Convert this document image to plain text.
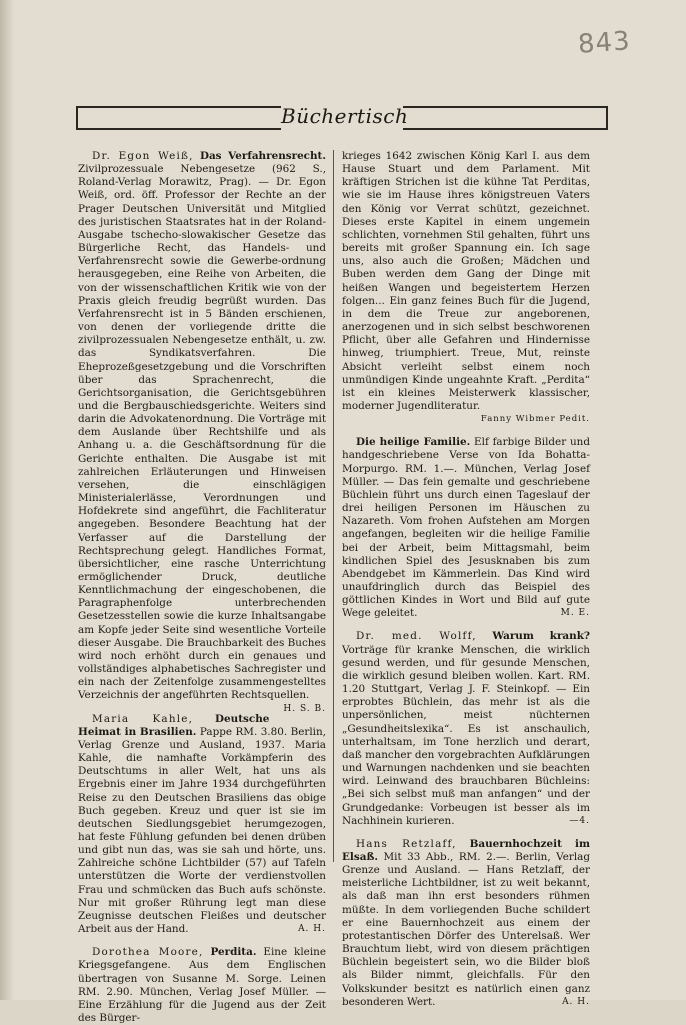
843
Büchertisch

Dr. Egon Weiß, Das Verfahrensrecht. Zivilprozessuale Nebengesetze (962 S., Roland-Verlag Morawitz, Prag). — Dr. Egon Weiß, ord. öff. Professor der Rechte an der Prager Deutschen Universität und Mitglied des juristischen Staatsrates hat in der Roland-Ausgabe tschecho-slowakischer Gesetze das Bürgerliche Recht, das Handels- und Verfahrensrecht sowie die Gewerbe-ordnung herausgegeben, eine Reihe von Arbeiten, die von der wissenschaftlichen Kritik wie von der Praxis gleich freudig begrüßt wurden. Das Verfahrensrecht ist in 5 Bänden erschienen, von denen der vorliegende dritte die zivilprozessualen Nebengesetze enthält, u. zw. das Syndikatsverfahren. Die Eheprozeßgesetzgebung und die Vorschriften über das Sprachenrecht, die Gerichtsorganisation, die Gerichtsgebühren und die Bergbauschiedsgerichte. Weiters sind darin die Advokatenordnung. Die Vorträge mit dem Auslande über Rechtshilfe und als Anhang u. a. die Geschäftsordnung für die Gerichte enthalten. Die Ausgabe ist mit zahlreichen Erläuterungen und Hinweisen versehen, die einschlägigen Ministerialerlässe, Verordnungen und Hofdekrete sind angeführt, die Fachliteratur angegeben. Besondere Beachtung hat der Verfasser auf die Darstellung der Rechtsprechung gelegt. Handliches Format, übersichtlicher, eine rasche Unterrichtung ermöglichender Druck, deutliche Kenntlichmachung der eingeschobenen, die Paragraphenfolge unterbrechenden Gesetzesstellen sowie die kurze Inhaltsangabe am Kopfe jeder Seite sind wesentliche Vorteile dieser Ausgabe. Die Brauchbarkeit des Buches wird noch erhöht durch ein genaues und vollständiges alphabetisches Sachregister und ein nach der Zeitenfolge zusammengestelltes Verzeichnis der angeführten Rechtsquellen.
H. S. B.

Maria Kahle, Deutsche Heimat in Brasilien. Pappe RM. 3.80. Berlin, Verlag Grenze und Ausland, 1937. Maria Kahle, die namhafte Vorkämpferin des Deutschtums in aller Welt, hat uns als Ergebnis einer im Jahre 1934 durchgeführten Reise zu den Deutschen Brasiliens das obige Buch gegeben. Kreuz und quer ist sie im deutschen Siedlungsgebiet herumgezogen, hat feste Fühlung gefunden bei denen drüben und gibt nun das, was sie sah und hörte, uns. Zahlreiche schöne Lichtbilder (57) auf Tafeln unterstützen die Worte der verdienstvollen Frau und schmücken das Buch aufs schönste. Nur mit großer Rührung legt man diese Zeugnisse deutschen Fleißes und deutscher Arbeit aus der Hand.	A. H.

Dorothea Moore, Perdita. Eine kleine Kriegsgefangene. Aus dem Englischen übertragen von Susanne M. Sorge. Leinen RM. 2.90. München, Verlag Josef Müller. — Eine Erzählung für die Jugend aus der Zeit des Bürger-

krieges 1642 zwischen König Karl I. aus dem Hause Stuart und dem Parlament. Mit kräftigen Strichen ist die kühne Tat Perditas, wie sie im Hause ihres königstreuen Vaters den König vor Verrat schützt, gezeichnet. Dieses erste Kapitel in einem ungemein schlichten, vornehmen Stil gehalten, führt uns bereits mit großer Spannung ein. Ich sage uns, also auch die Großen; Mädchen und Buben werden dem Gang der Dinge mit heißen Wangen und begeistertem Herzen folgen... Ein ganz feines Buch für die Jugend, in dem die Treue zur angeborenen, anerzogenen und in sich selbst beschworenen Pflicht, über alle Gefahren und Hindernisse hinweg, triumphiert. Treue, Mut, reinste Absicht verleiht selbst einem noch unmündigen Kinde ungeahnte Kraft. „Perdita“ ist ein kleines Meisterwerk klassischer, moderner Jugendliteratur.
Fanny Wibmer Pedit.

Die heilige Familie. Elf farbige Bilder und handgeschriebene Verse von Ida Bohatta-Morpurgo. RM. 1.—. München, Verlag Josef Müller. — Das fein gemalte und geschriebene Büchlein führt uns durch einen Tageslauf der drei heiligen Personen im Häuschen zu Nazareth. Vom frohen Aufstehen am Morgen angefangen, begleiten wir die heilige Familie bei der Arbeit, beim Mittagsmahl, beim kindlichen Spiel des Jesusknaben bis zum Abendgebet im Kämmerlein. Das Kind wird unaufdringlich durch das Beispiel des göttlichen Kindes in Wort und Bild auf gute Wege geleitet.	M. E.

Dr. med. Wolff, Warum krank? Vorträge für kranke Menschen, die wirklich gesund werden, und für gesunde Menschen, die wirklich gesund bleiben wollen. Kart. RM. 1.20 Stuttgart, Verlag J. F. Steinkopf. — Ein erprobtes Büchlein, das mehr ist als die unpersönlichen, meist nüchternen „Gesundheitslexika“. Es ist anschaulich, unterhaltsam, im Tone herzlich und derart, daß mancher den vorgebrachten Aufklärungen und Warnungen nachdenken und sie beachten wird. Leinwand des brauchbaren Büchleins: „Bei sich selbst muß man anfangen“ und der Grundgedanke: Vorbeugen ist besser als im Nachhinein kurieren.	—4.

Hans Retzlaff, Bauernhochzeit im Elsaß. Mit 33 Abb., RM. 2.—. Berlin, Verlag Grenze und Ausland. — Hans Retzlaff, der meisterliche Lichtbildner, ist zu weit bekannt, als daß man ihn erst besonders rühmen müßte. In dem vorliegenden Buche schildert er eine Bauernhochzeit aus einem der protestantischen Dörfer des Unterelsaß. Wer Brauchtum liebt, wird von diesem prächtigen Büchlein begeistert sein, wo die Bilder bloß als Bilder nimmt, gleichfalls. Für den Volkskunder besitzt es natürlich einen ganz besonderen Wert.	A. H.
